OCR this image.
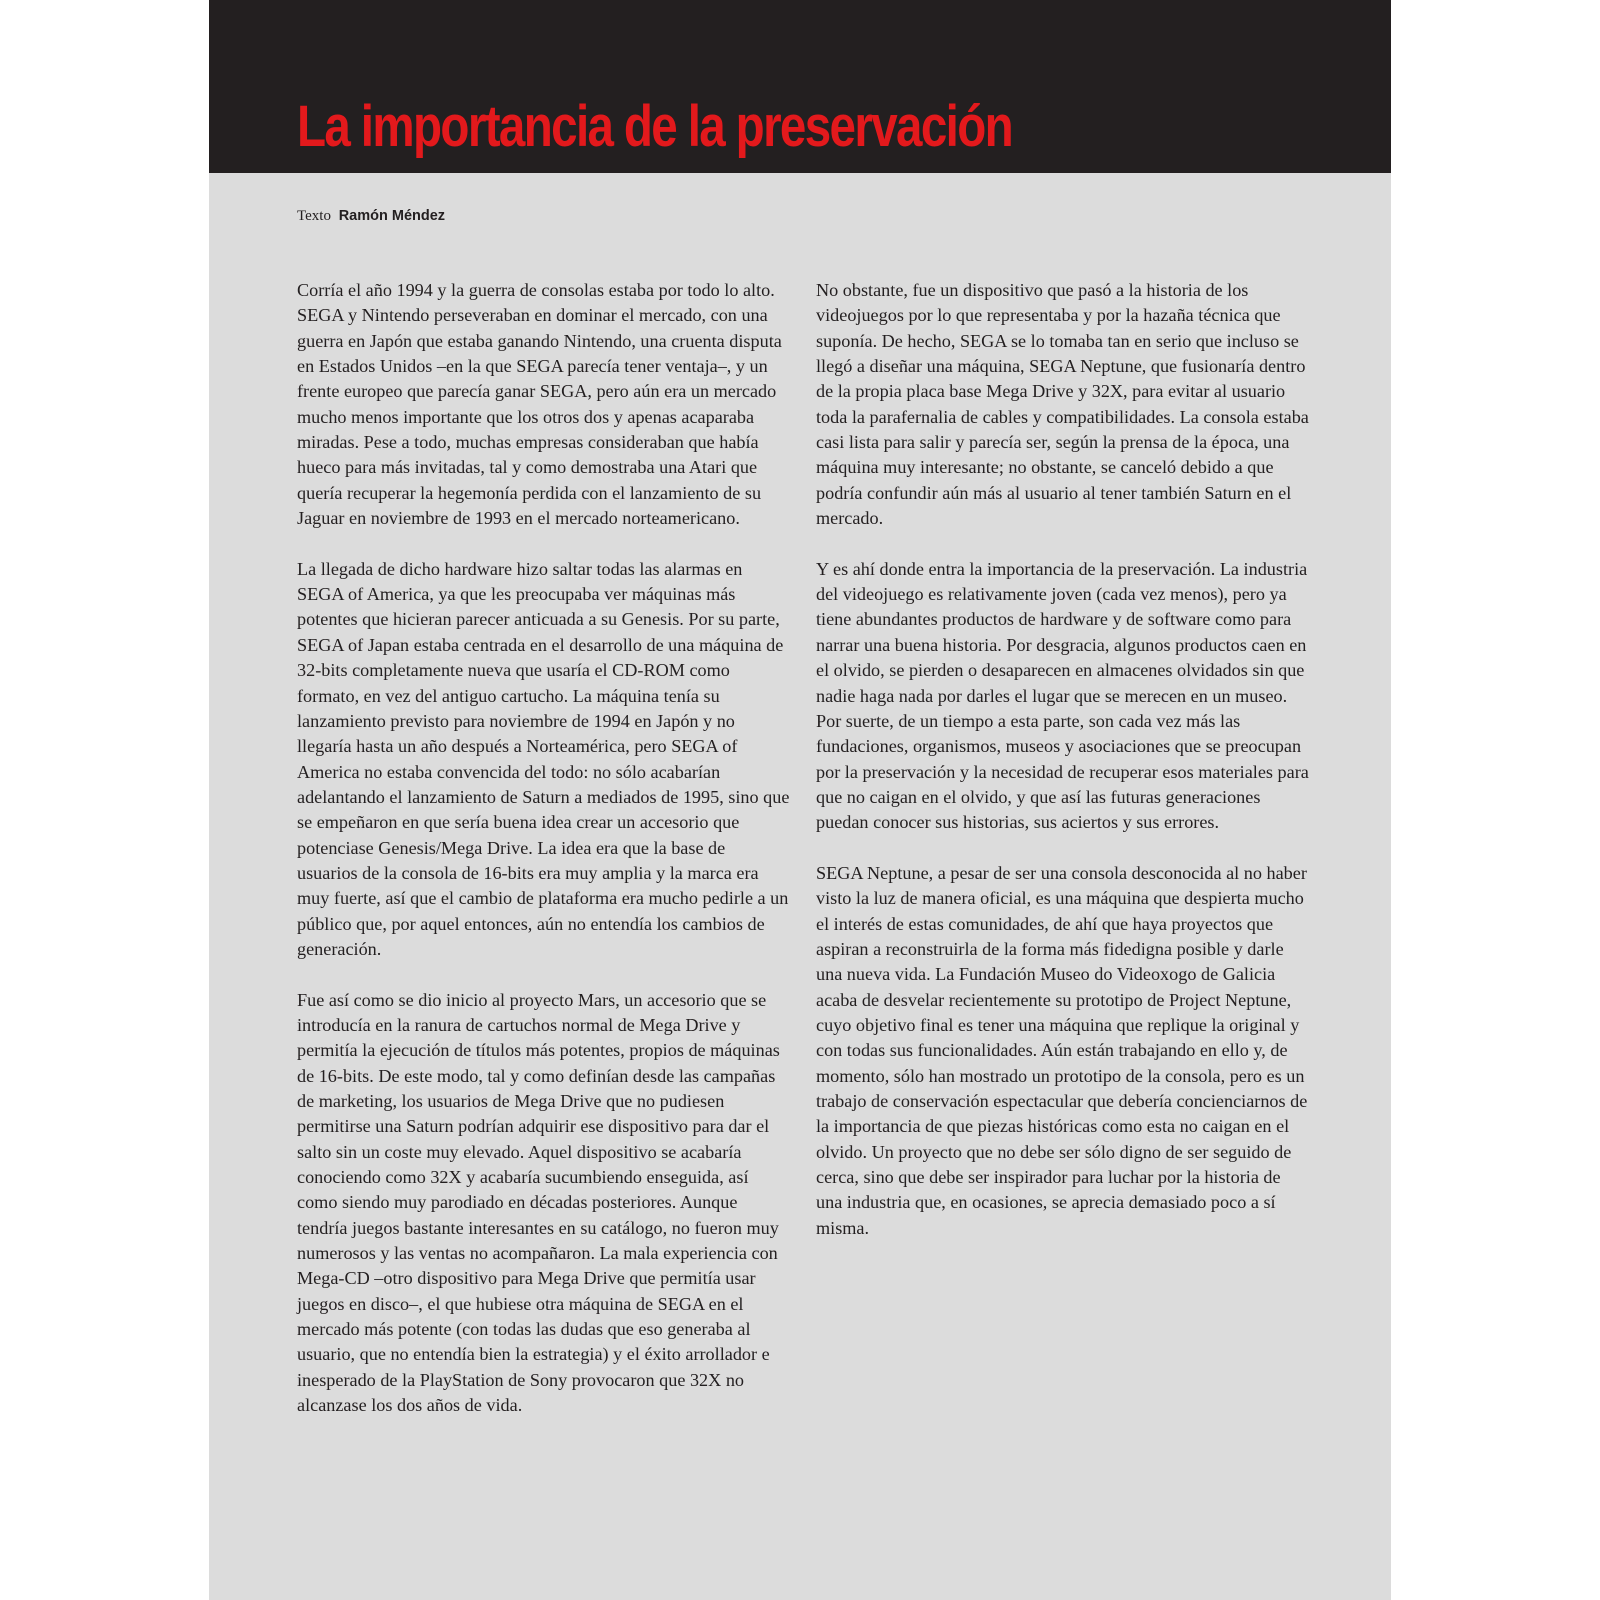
La importancia de la preservación
Texto Ramón Méndez

Corría el año 1994 y la guerra de consolas estaba por todo lo alto. SEGA y Nintendo perseveraban en dominar el mercado, con una guerra en Japón que estaba ganando Nintendo, una cruenta disputa en Estados Unidos –en la que SEGA parecía tener ventaja–, y un frente europeo que parecía ganar SEGA, pero aún era un mercado mucho menos importante que los otros dos y apenas acaparaba miradas. Pese a todo, muchas empresas consideraban que había hueco para más invitadas, tal y como demostraba una Atari que quería recuperar la hegemonía perdida con el lanzamiento de su Jaguar en noviembre de 1993 en el mercado norteamericano.

La llegada de dicho hardware hizo saltar todas las alarmas en SEGA of America, ya que les preocupaba ver máquinas más potentes que hicieran parecer anticuada a su Genesis. Por su parte, SEGA of Japan estaba centrada en el desarrollo de una máquina de 32-bits completamente nueva que usaría el CD-ROM como formato, en vez del antiguo cartucho. La máquina tenía su lanzamiento previsto para noviembre de 1994 en Japón y no llegaría hasta un año después a Norteamérica, pero SEGA of America no estaba convencida del todo: no sólo acabarían adelantando el lanzamiento de Saturn a mediados de 1995, sino que se empeñaron en que sería buena idea crear un accesorio que potenciase Genesis/Mega Drive. La idea era que la base de usuarios de la consola de 16-bits era muy amplia y la marca era muy fuerte, así que el cambio de plataforma era mucho pedirle a un público que, por aquel entonces, aún no entendía los cambios de generación.

Fue así como se dio inicio al proyecto Mars, un accesorio que se introducía en la ranura de cartuchos normal de Mega Drive y permitía la ejecución de títulos más potentes, propios de máquinas de 16-bits. De este modo, tal y como definían desde las campañas de marketing, los usuarios de Mega Drive que no pudiesen permitirse una Saturn podrían adquirir ese dispositivo para dar el salto sin un coste muy elevado. Aquel dispositivo se acabaría conociendo como 32X y acabaría sucumbiendo enseguida, así como siendo muy parodiado en décadas posteriores. Aunque tendría juegos bastante interesantes en su catálogo, no fueron muy numerosos y las ventas no acompañaron. La mala experiencia con Mega-CD –otro dispositivo para Mega Drive que permitía usar juegos en disco–, el que hubiese otra máquina de SEGA en el mercado más potente (con todas las dudas que eso generaba al usuario, que no entendía bien la estrategia) y el éxito arrollador e inesperado de la PlayStation de Sony provocaron que 32X no alcanzase los dos años de vida.

No obstante, fue un dispositivo que pasó a la historia de los videojuegos por lo que representaba y por la hazaña técnica que suponía. De hecho, SEGA se lo tomaba tan en serio que incluso se llegó a diseñar una máquina, SEGA Neptune, que fusionaría dentro de la propia placa base Mega Drive y 32X, para evitar al usuario toda la parafernalia de cables y compatibilidades. La consola estaba casi lista para salir y parecía ser, según la prensa de la época, una máquina muy interesante; no obstante, se canceló debido a que podría confundir aún más al usuario al tener también Saturn en el mercado.

Y es ahí donde entra la importancia de la preservación. La industria del videojuego es relativamente joven (cada vez menos), pero ya tiene abundantes productos de hardware y de software como para narrar una buena historia. Por desgracia, algunos productos caen en el olvido, se pierden o desaparecen en almacenes olvidados sin que nadie haga nada por darles el lugar que se merecen en un museo. Por suerte, de un tiempo a esta parte, son cada vez más las fundaciones, organismos, museos y asociaciones que se preocupan por la preservación y la necesidad de recuperar esos materiales para que no caigan en el olvido, y que así las futuras generaciones puedan conocer sus historias, sus aciertos y sus errores.

SEGA Neptune, a pesar de ser una consola desconocida al no haber visto la luz de manera oficial, es una máquina que despierta mucho el interés de estas comunidades, de ahí que haya proyectos que aspiran a reconstruirla de la forma más fidedigna posible y darle una nueva vida. La Fundación Museo do Videoxogo de Galicia acaba de desvelar recientemente su prototipo de Project Neptune, cuyo objetivo final es tener una máquina que replique la original y con todas sus funcionalidades. Aún están trabajando en ello y, de momento, sólo han mostrado un prototipo de la consola, pero es un trabajo de conservación espectacular que debería concienciarnos de la importancia de que piezas históricas como esta no caigan en el olvido. Un proyecto que no debe ser sólo digno de ser seguido de cerca, sino que debe ser inspirador para luchar por la historia de una industria que, en ocasiones, se aprecia demasiado poco a sí misma.
